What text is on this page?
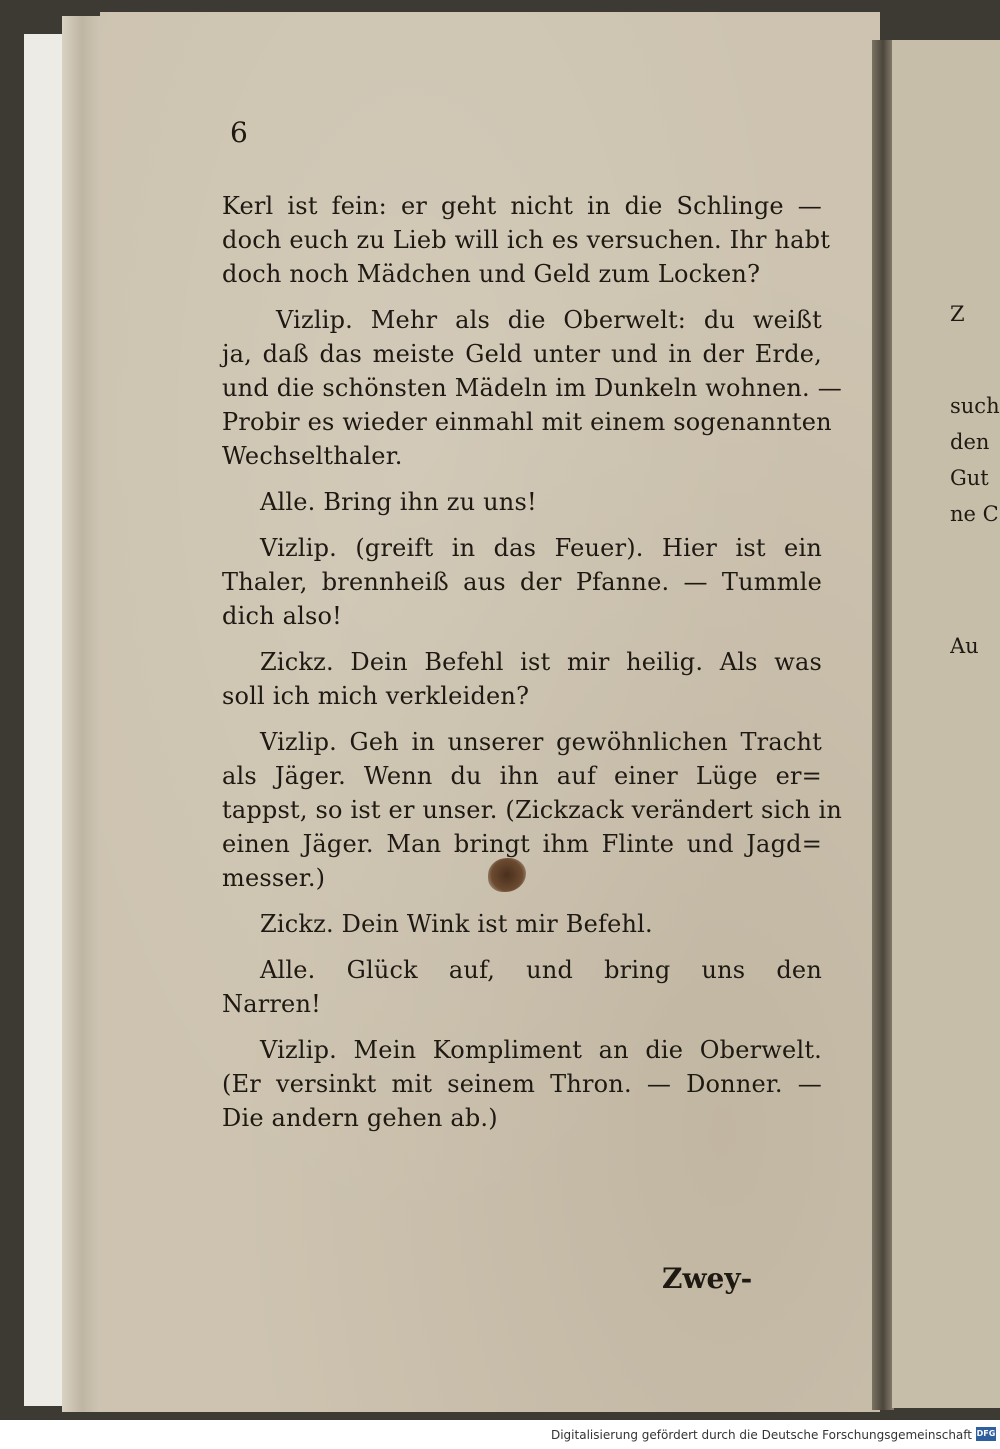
Z
such
den
Gut
ne C
Au
6
Kerl ist fein: er geht nicht in die Schlinge —
doch euch zu Lieb will ich es versuchen. Ihr habt
doch noch Mädchen und Geld zum Locken?
Vizlip. Mehr als die Oberwelt: du weißt
ja, daß das meiste Geld unter und in der Erde,
und die schönsten Mädeln im Dunkeln wohnen. —
Probir es wieder einmahl mit einem sogenannten
Wechselthaler.
Alle. Bring ihn zu uns!
Vizlip. (greift in das Feuer). Hier ist ein
Thaler, brennheiß aus der Pfanne. — Tummle
dich also!
Zickz. Dein Befehl ist mir heilig. Als was
soll ich mich verkleiden?
Vizlip. Geh in unserer gewöhnlichen Tracht
als Jäger. Wenn du ihn auf einer Lüge er=
tappst, so ist er unser. (Zickzack verändert sich in
einen Jäger. Man bringt ihm Flinte und Jagd=
messer.)
Zickz. Dein Wink ist mir Befehl.
Alle. Glück auf, und bring uns den
Narren!
Vizlip. Mein Kompliment an die Oberwelt.
(Er versinkt mit seinem Thron. — Donner. —
Die andern gehen ab.)
Zwey-
Digitalisierung gefördert durch die Deutsche Forschungsgemeinschaft DFG
